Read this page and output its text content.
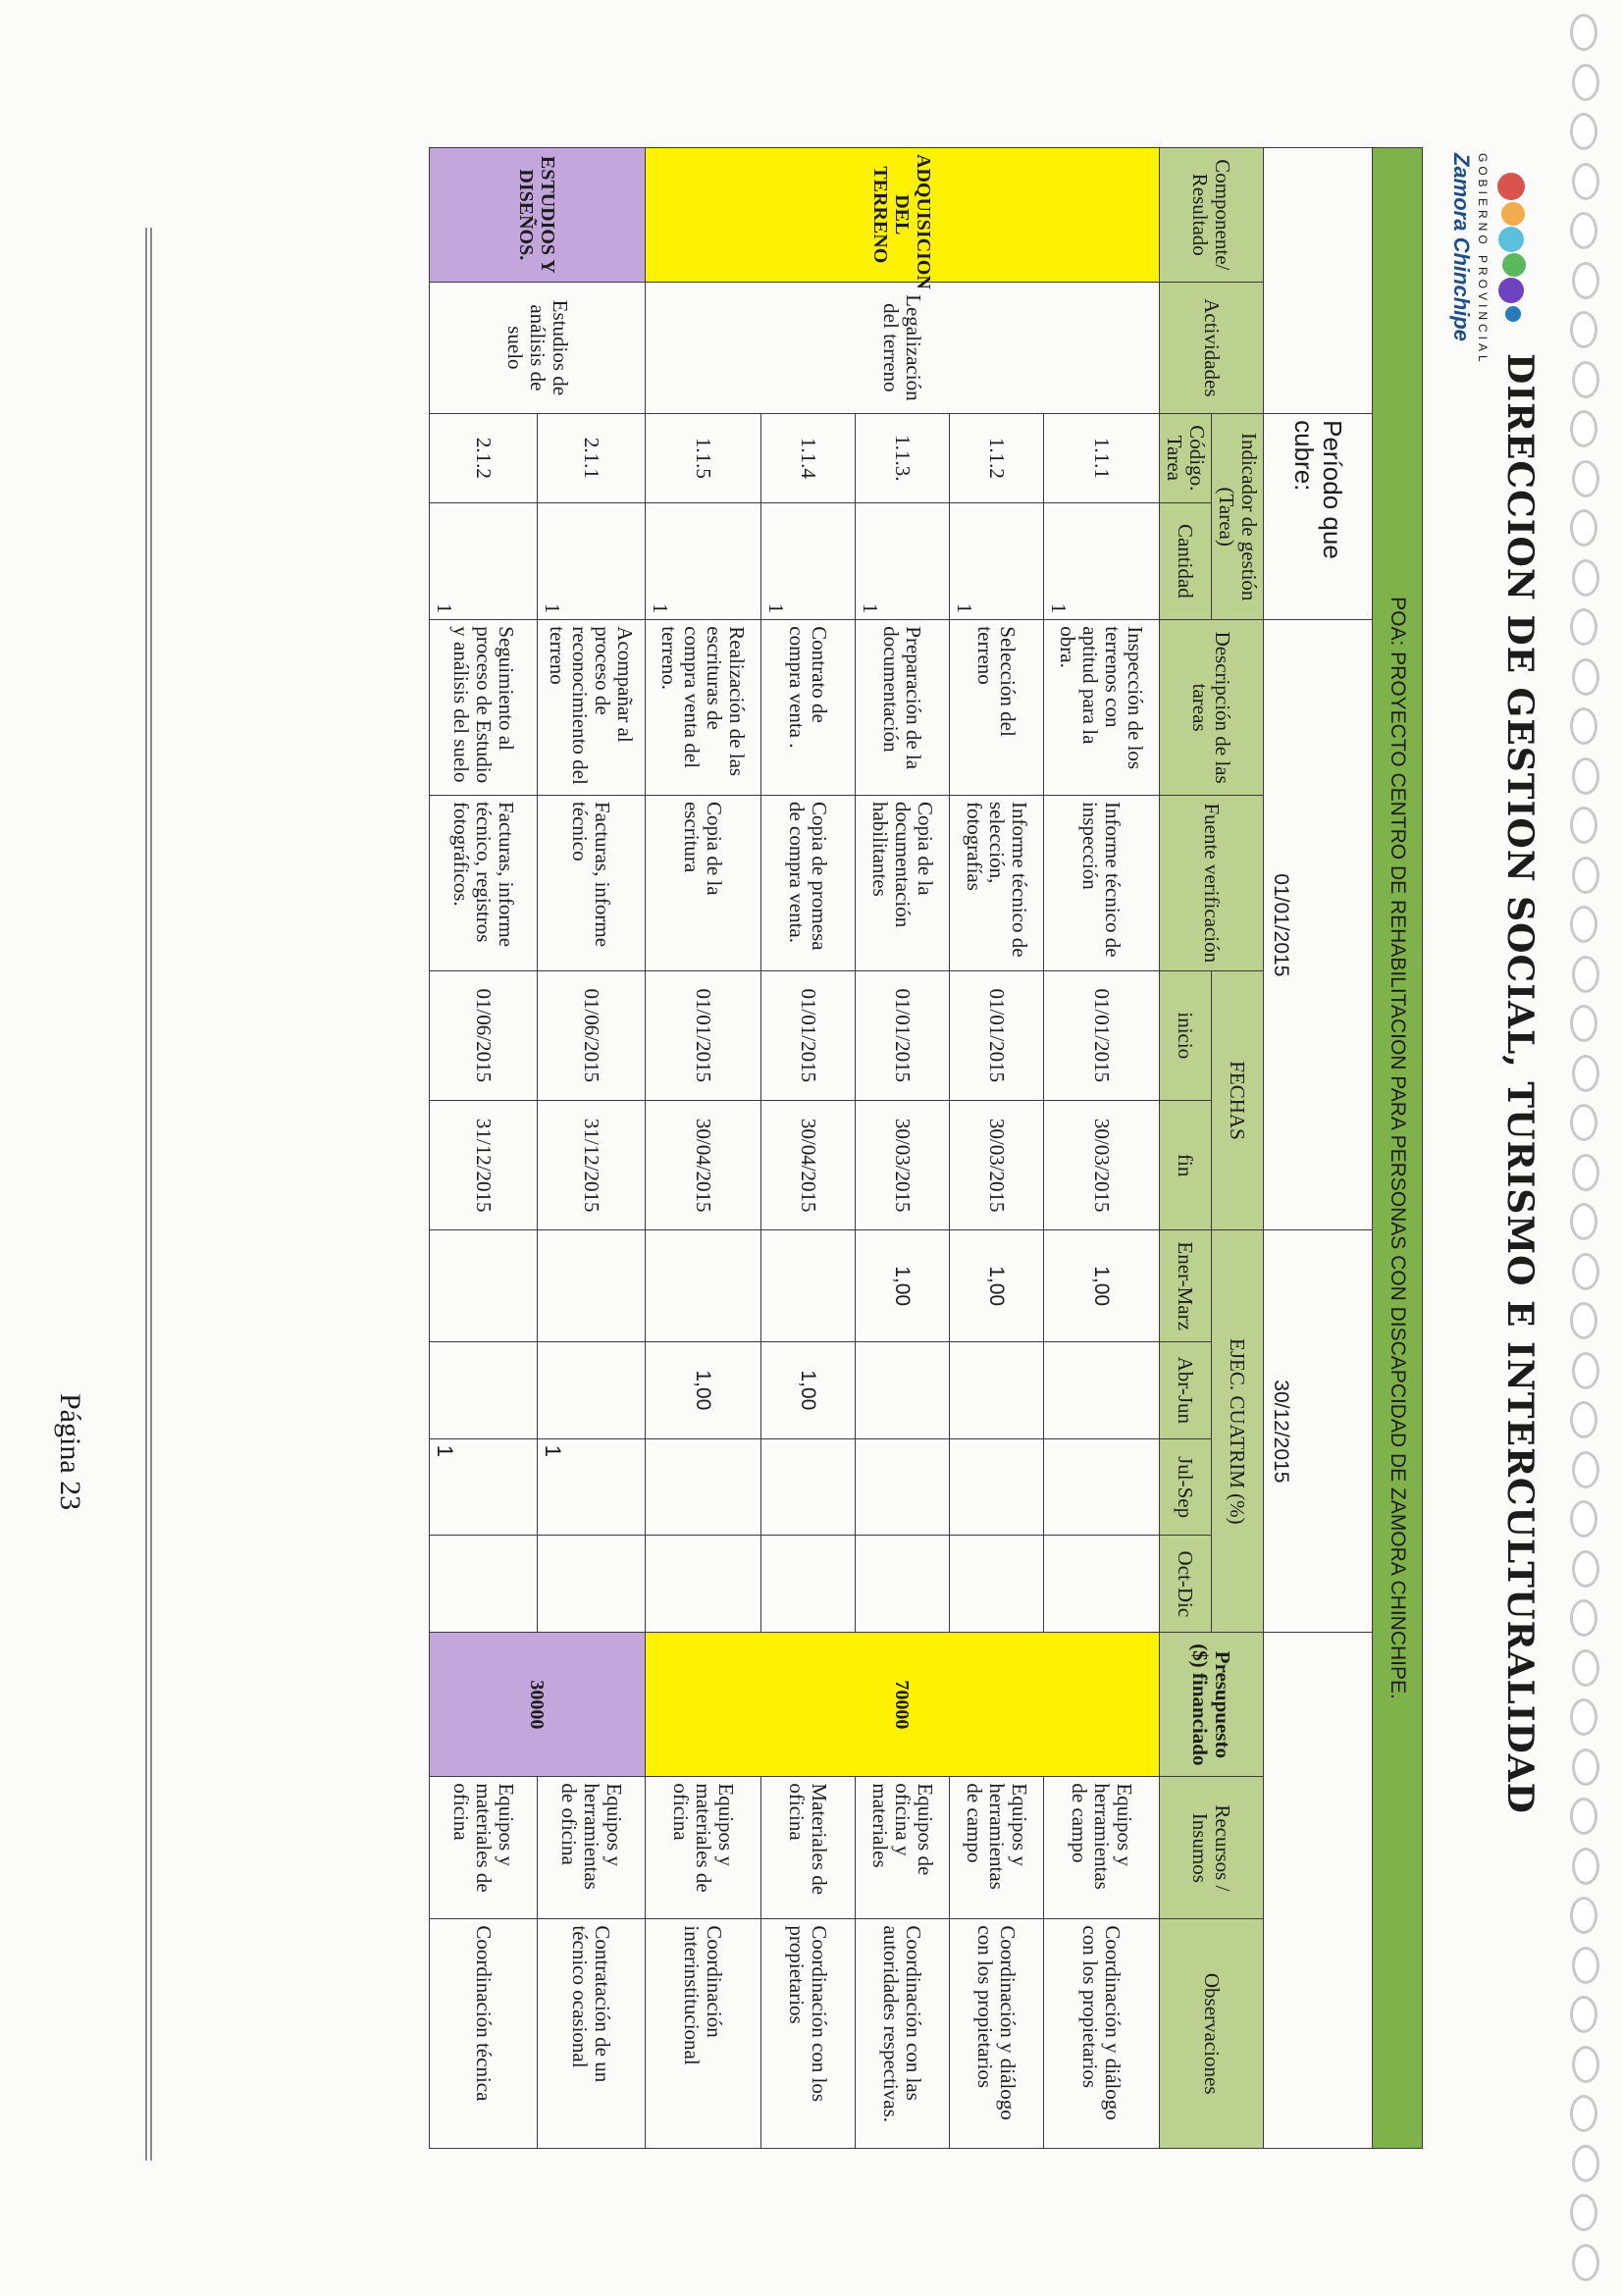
Página 23
GOBIERNO PROVINCIAL
Zamora Chinchipe
DIRECCION DE GESTION SOCIAL, TURISMO E INTERCULTURALIDAD
POA: PROYECTO CENTRO DE REHABILITACION PARA PERSONAS CON DISCAPCIDAD DE ZAMORA CHINCHIPE.														
		Período que cubre:		01/01/2015				30/12/2015						
Componente/ Resultado	Actividades	Indicador de gestión (Tarea)		Descripción de las tareas	Fuente verificación	FECHAS		EJEC. CUATRIM (%)				Presupuesto ($) financiado	Recursos / Insumos	Observaciones
		Código. Tarea	Cantidad			inicio	fin	Ener-Marz	Abr-Jun	Jul-Sep	Oct-Dic			
ADQUISICION DEL TERRENO	Legalización del terreno	1.1.1	1	Inspección de los terrenos con aptitud para la obra.	Informe técnico de inspección	01/01/2015	30/03/2015	1,00				70000	Equipos y herramientas de campo	Coordinación y diálogo con los propietarios
		1.1.2	1	Selección del terreno	Informe técnico de selección, fotografías	01/01/2015	30/03/2015	1,00					Equipos y herramientas de campo	Coordinación y diálogo con los propietarios
		1.1.3.	1	Preparación de la documentación	Copia de la documentación habilitantes	01/01/2015	30/03/2015	1,00					Equipos de oficina y materiales	Coordinación con las autoridades respectivas.
		1.1.4	1	Contrato de compra venta .	Copia de promesa de compra venta.	01/01/2015	30/04/2015		1,00				Materiales de oficina	Coordinación con los propietarios
		1.1.5	1	Realización de las escrituras de compra venta del terreno.	Copia de la escritura	01/01/2015	30/04/2015		1,00				Equipos y materiales de oficina	Coordinación interinstitucional
ESTUDIOS Y DISEÑOS.	Estudios de análisis de suelo	2.1.1	1	Acompañar al proceso de reconocimiento del terreno	Facturas, informe técnico	01/06/2015	31/12/2015			1		30000	Equipos y herramientas de oficina	Contratación de un técnico ocasional
		2.1.2	1	Seguimiento al proceso de Estudio y análisis del suelo	Facturas, informe técnico, registros fotográficos.	01/06/2015	31/12/2015			1			Equipos y materiales de oficina	Coordinación técnica
